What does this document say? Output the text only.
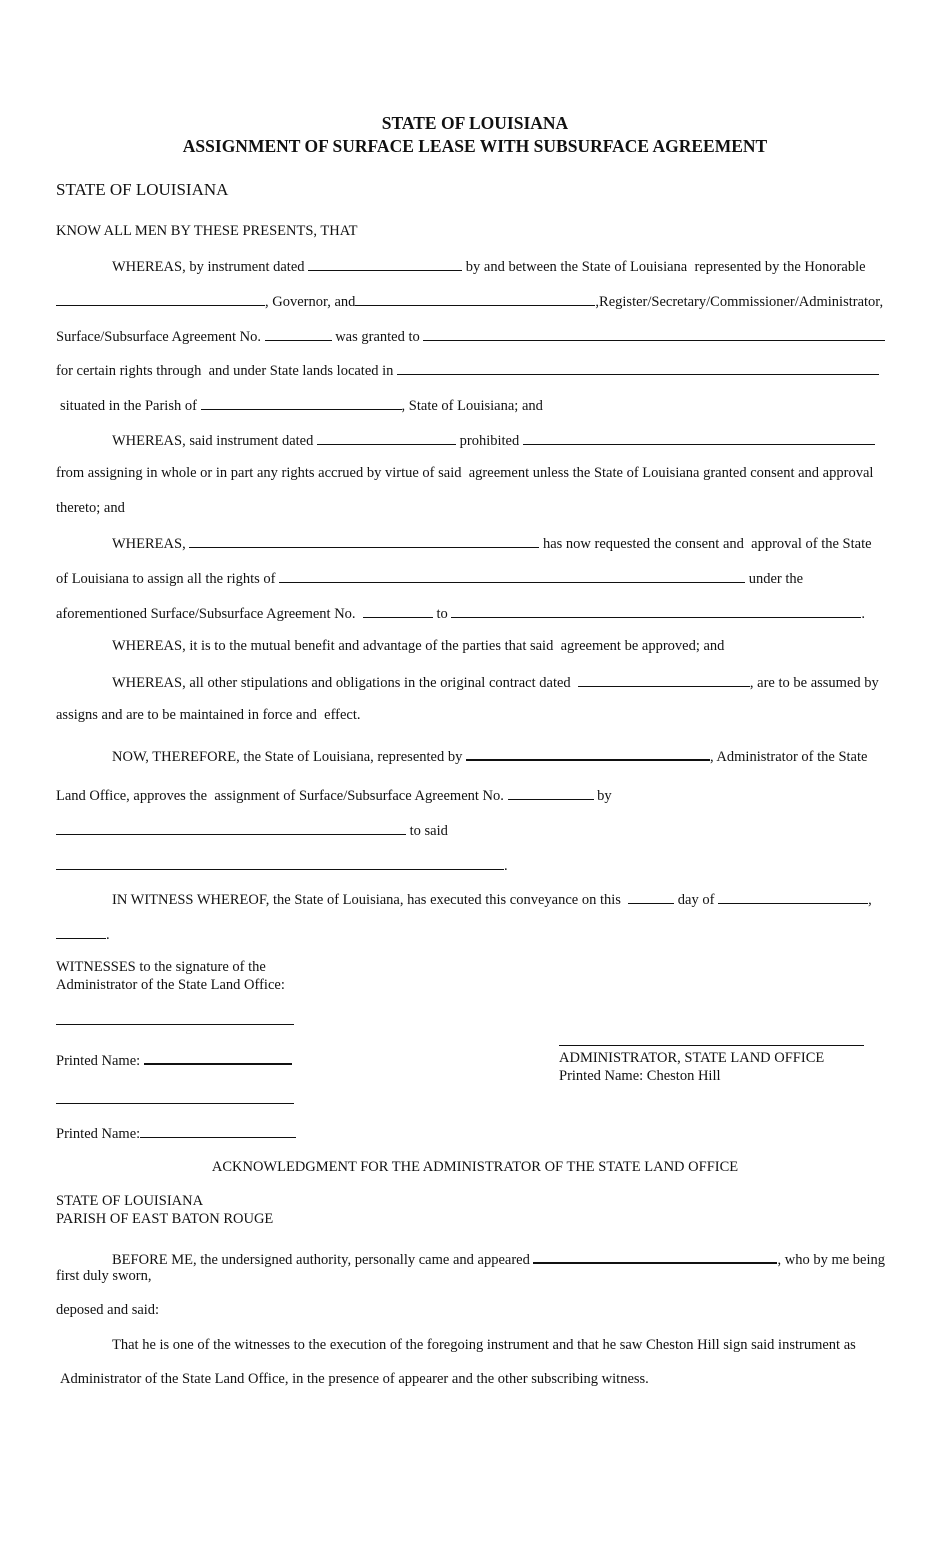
STATE OF LOUISIANA
ASSIGNMENT OF SURFACE LEASE WITH SUBSURFACE AGREEMENT
STATE OF LOUISIANA
KNOW ALL MEN BY THESE PRESENTS, THAT
WHEREAS, by instrument dated	by and between the State of Louisiana  represented by the Honorable
, Governor, and	,Register/Secretary/Commissioner/Administrator,
Surface/Subsurface Agreement No.	was granted to
for certain rights through  and under State lands located in
situated in the Parish of	, State of Louisiana; and
WHEREAS, said instrument dated	prohibited
from assigning in whole or in part any rights accrued by virtue of said  agreement unless the State of Louisiana granted consent and approval
thereto; and
WHEREAS,	has now requested the consent and  approval of the State
of Louisiana to assign all the rights of	under the
aforementioned Surface/Subsurface Agreement No.	to	.
WHEREAS, it is to the mutual benefit and advantage of the parties that said  agreement be approved; and
WHEREAS, all other stipulations and obligations in the original contract dated	, are to be assumed by
assigns and are to be maintained in force and  effect.
NOW, THEREFORE, the State of Louisiana, represented by	, Administrator of the State
Land Office, approves the  assignment of Surface/Subsurface Agreement No.	by
to said
.
IN WITNESS WHEREOF, the State of Louisiana, has executed this conveyance on this	day of	,
.
WITNESSES to the signature of the
Administrator of the State Land Office:
Printed Name:
Printed Name:
ADMINISTRATOR, STATE LAND OFFICE
Printed Name: Cheston Hill
ACKNOWLEDGMENT FOR THE ADMINISTRATOR OF THE STATE LAND OFFICE
STATE OF LOUISIANA
PARISH OF EAST BATON ROUGE
BEFORE ME, the undersigned authority, personally came and appeared	, who by me being
first duly sworn,
deposed and said:
That he is one of the witnesses to the execution of the foregoing instrument and that he saw Cheston Hill sign said instrument as
Administrator of the State Land Office, in the presence of appearer and the other subscribing witness.
